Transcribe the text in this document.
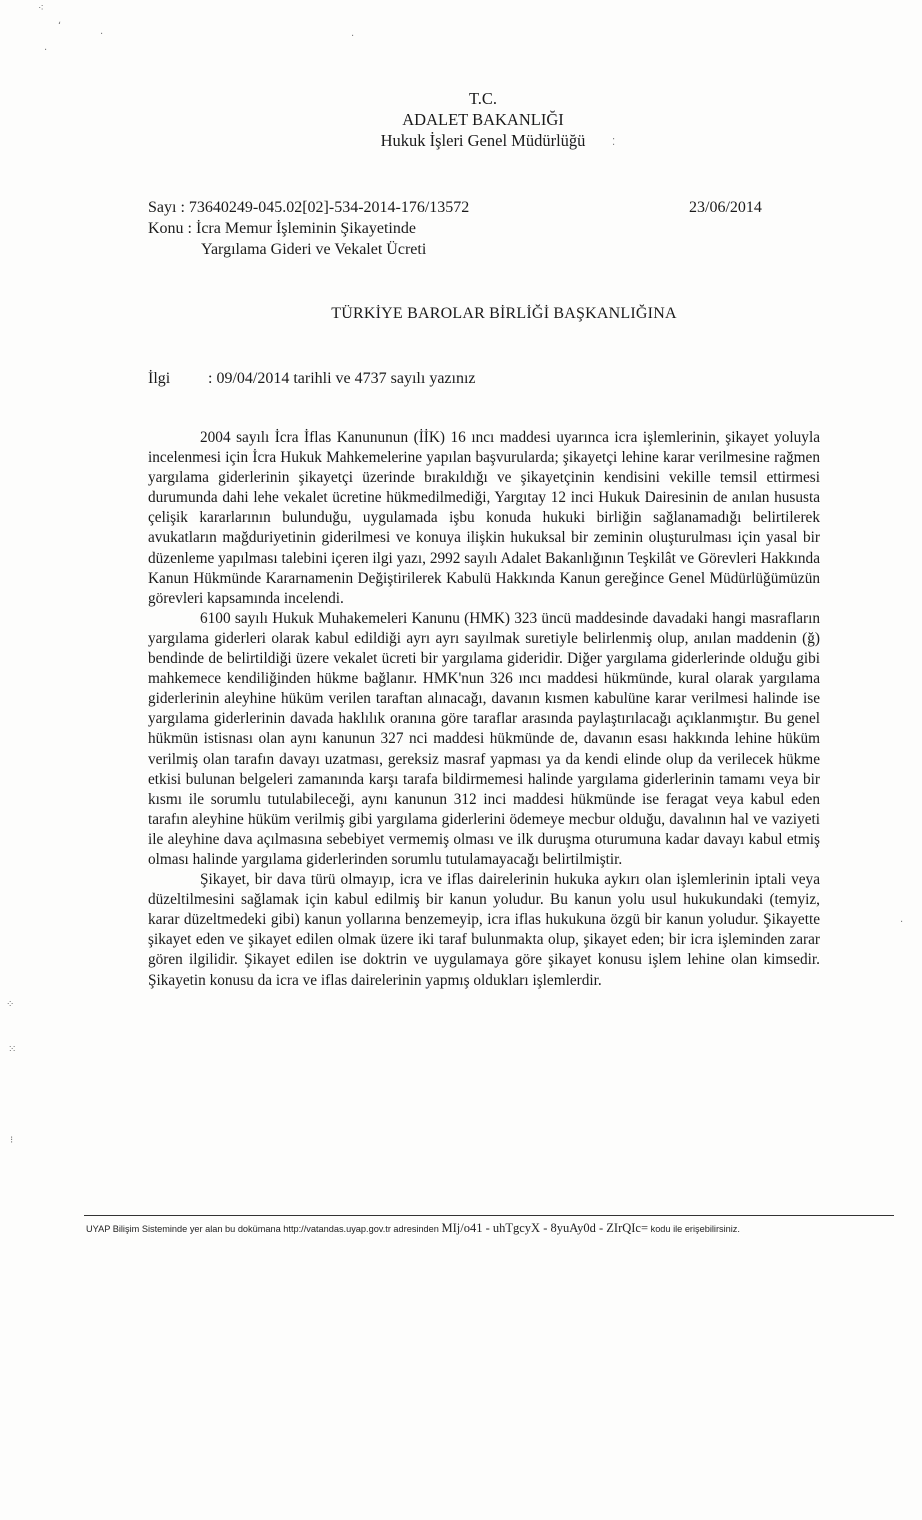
⁖
ʻ
·
·	·
⁚
⁘
⁙
⁝
·
T.C.
ADALET BAKANLIĞI
Hukuk İşleri Genel Müdürlüğü
Sayı : 73640249-045.02[02]-534-2014-176/13572
Konu : İcra Memur İşleminin Şikayetinde
Yargılama Gideri ve Vekalet Ücreti
23/06/2014
TÜRKİYE BAROLAR BİRLİĞİ BAŞKANLIĞINA
İlgi : 09/04/2014 tarihli ve 4737 sayılı yazınız

2004 sayılı İcra İflas Kanununun (İİK) 16 ıncı maddesi uyarınca icra işlemlerinin, şikayet yoluyla incelenmesi için İcra Hukuk Mahkemelerine yapılan başvurularda; şikayetçi lehine karar verilmesine rağmen yargılama giderlerinin şikayetçi üzerinde bırakıldığı ve şikayetçinin kendisini vekille temsil ettirmesi durumunda dahi lehe vekalet ücretine hükmedilmediği, Yargıtay 12 inci Hukuk Dairesinin de anılan hususta çelişik kararlarının bulunduğu, uygulamada işbu konuda hukuki birliğin sağlanamadığı belirtilerek avukatların mağduriyetinin giderilmesi ve konuya ilişkin hukuksal bir zeminin oluşturulması için yasal bir düzenleme yapılması talebini içeren ilgi yazı, 2992 sayılı Adalet Bakanlığının Teşkilât ve Görevleri Hakkında Kanun Hükmünde Kararnamenin Değiştirilerek Kabulü Hakkında Kanun gereğince Genel Müdürlüğümüzün görevleri kapsamında incelendi.

6100 sayılı Hukuk Muhakemeleri Kanunu (HMK) 323 üncü maddesinde davadaki hangi masrafların yargılama giderleri olarak kabul edildiği ayrı ayrı sayılmak suretiyle belirlenmiş olup, anılan maddenin (ğ) bendinde de belirtildiği üzere vekalet ücreti bir yargılama gideridir. Diğer yargılama giderlerinde olduğu gibi mahkemece kendiliğinden hükme bağlanır. HMK'nun 326 ıncı maddesi hükmünde, kural olarak yargılama giderlerinin aleyhine hüküm verilen taraftan alınacağı, davanın kısmen kabulüne karar verilmesi halinde ise yargılama giderlerinin davada haklılık oranına göre taraflar arasında paylaştırılacağı açıklanmıştır. Bu genel hükmün istisnası olan aynı kanunun 327 nci maddesi hükmünde de, davanın esası hakkında lehine hüküm verilmiş olan tarafın davayı uzatması, gereksiz masraf yapması ya da kendi elinde olup da verilecek hükme etkisi bulunan belgeleri zamanında karşı tarafa bildirmemesi halinde yargılama giderlerinin tamamı veya bir kısmı ile sorumlu tutulabileceği, aynı kanunun 312 inci maddesi hükmünde ise feragat veya kabul eden tarafın aleyhine hüküm verilmiş gibi yargılama giderlerini ödemeye mecbur olduğu, davalının hal ve vaziyeti ile aleyhine dava açılmasına sebebiyet vermemiş olması ve ilk duruşma oturumuna kadar davayı kabul etmiş olması halinde yargılama giderlerinden sorumlu tutulamayacağı belirtilmiştir.

Şikayet, bir dava türü olmayıp, icra ve iflas dairelerinin hukuka aykırı olan işlemlerinin iptali veya düzeltilmesini sağlamak için kabul edilmiş bir kanun yoludur. Bu kanun yolu usul hukukundaki (temyiz, karar düzeltmedeki gibi) kanun yollarına benzemeyip, icra iflas hukukuna özgü bir kanun yoludur. Şikayette şikayet eden ve şikayet edilen olmak üzere iki taraf bulunmakta olup, şikayet eden; bir icra işleminden zarar gören ilgilidir. Şikayet edilen ise doktrin ve uygulamaya göre şikayet konusu işlem lehine olan kimsedir. Şikayetin konusu da icra ve iflas dairelerinin yapmış oldukları işlemlerdir.

UYAP Bilişim Sisteminde yer alan bu dokümana http://vatandas.uyap.gov.tr adresinden MIj/o41 - uhTgcyX - 8yuAy0d - ZIrQIc= kodu ile erişebilirsiniz.
